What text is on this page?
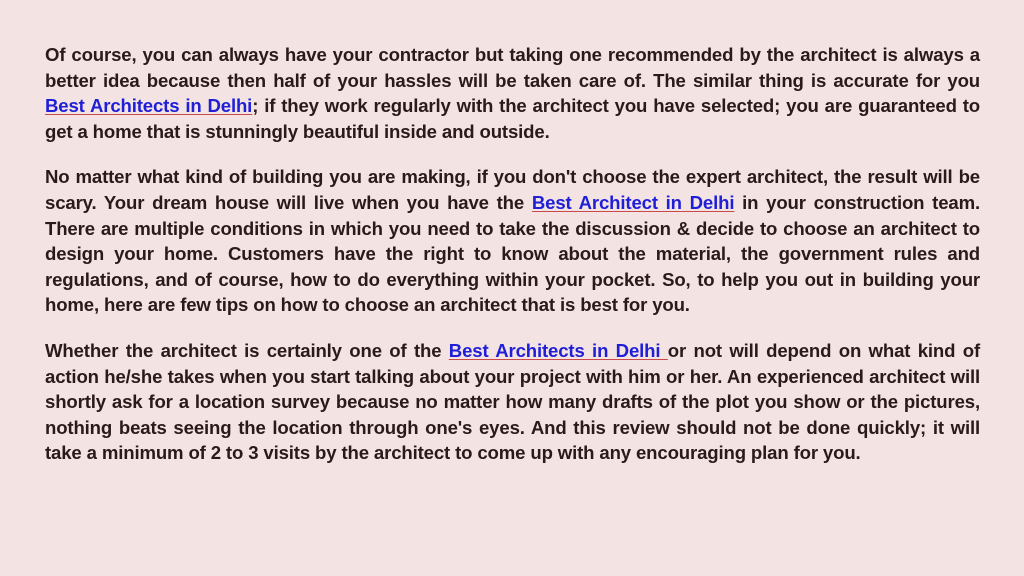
Of course, you can always have your contractor but taking one recommended by the architect is always a better idea because then half of your hassles will be taken care of. The similar thing is accurate for you Best Architects in Delhi; if they work regularly with the architect you have selected; you are guaranteed to get a home that is stunningly beautiful inside and outside.

No matter what kind of building you are making, if you don't choose the expert architect, the result will be scary. Your dream house will live when you have the Best Architect in Delhi in your construction team. There are multiple conditions in which you need to take the discussion & decide to choose an architect to design your home. Customers have the right to know about the material, the government rules and regulations, and of course, how to do everything within your pocket. So, to help you out in building your home, here are few tips on how to choose an architect that is best for you.

Whether the architect is certainly one of the Best Architects in Delhi or not will depend on what kind of action he/she takes when you start talking about your project with him or her. An experienced architect will shortly ask for a location survey because no matter how many drafts of the plot you show or the pictures, nothing beats seeing the location through one's eyes. And this review should not be done quickly; it will take a minimum of 2 to 3 visits by the architect to come up with any encouraging plan for you.
